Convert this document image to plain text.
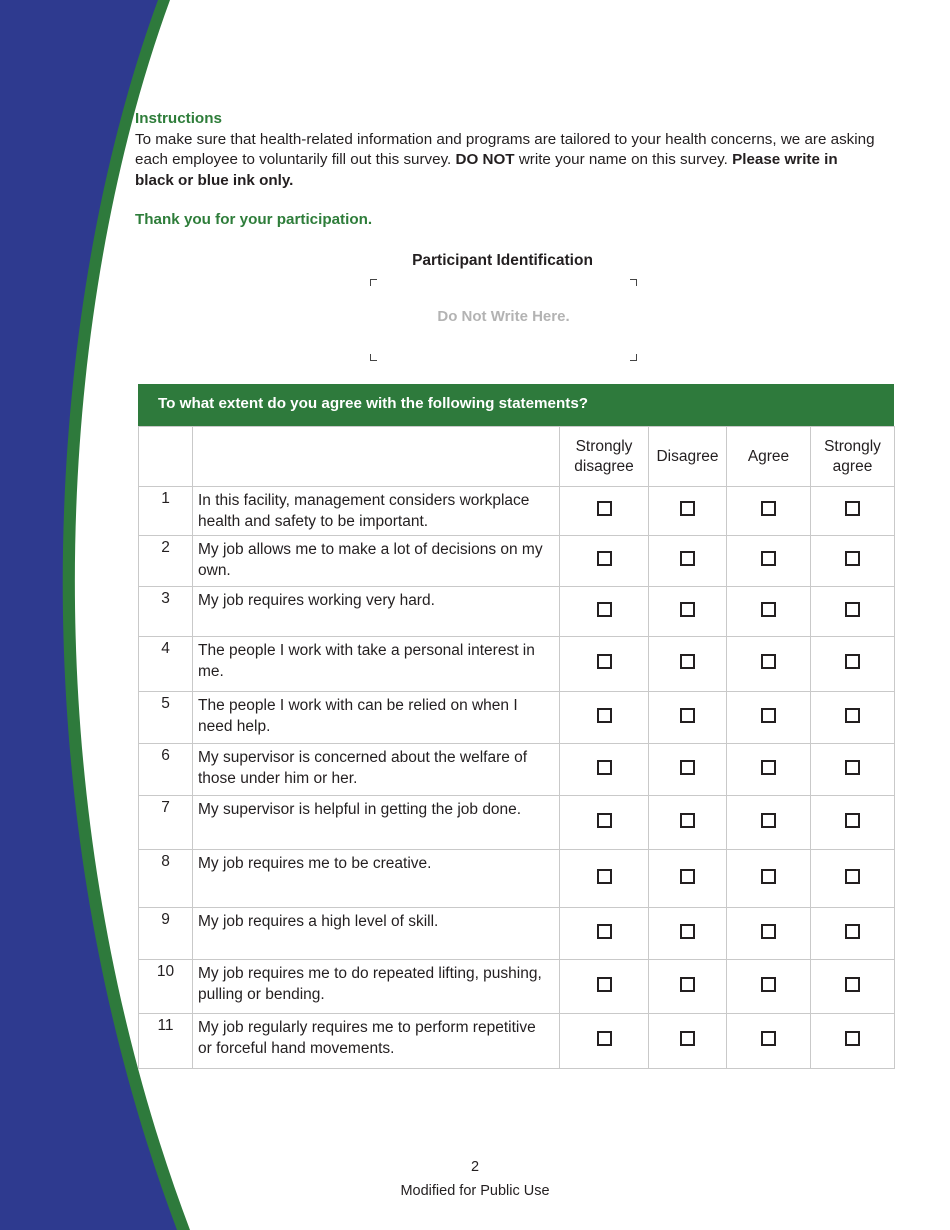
Instructions
To make sure that health-related information and programs are tailored to your health concerns, we are asking each employee to voluntarily fill out this survey. DO NOT write your name on this survey. Please write in black or blue ink only.
Thank you for your participation.
Participant Identification
Do Not Write Here.
To what extent do you agree with the following statements?
		Strongly disagree	Disagree	Agree	Strongly agree
1	In this facility, management considers workplace health and safety to be important.				
2	My job allows me to make a lot of decisions on my own.				
3	My job requires working very hard.				
4	The people I work with take a personal interest in me.				
5	The people I work with can be relied on when I need help.				
6	My supervisor is concerned about the welfare of those under him or her.				
7	My supervisor is helpful in getting the job done.				
8	My job requires me to be creative.				
9	My job requires a high level of skill.				
10	My job requires me to do repeated lifting, pushing, pulling or bending.				
11	My job regularly requires me to perform repetitive or forceful hand movements.				
2
Modified for Public Use
